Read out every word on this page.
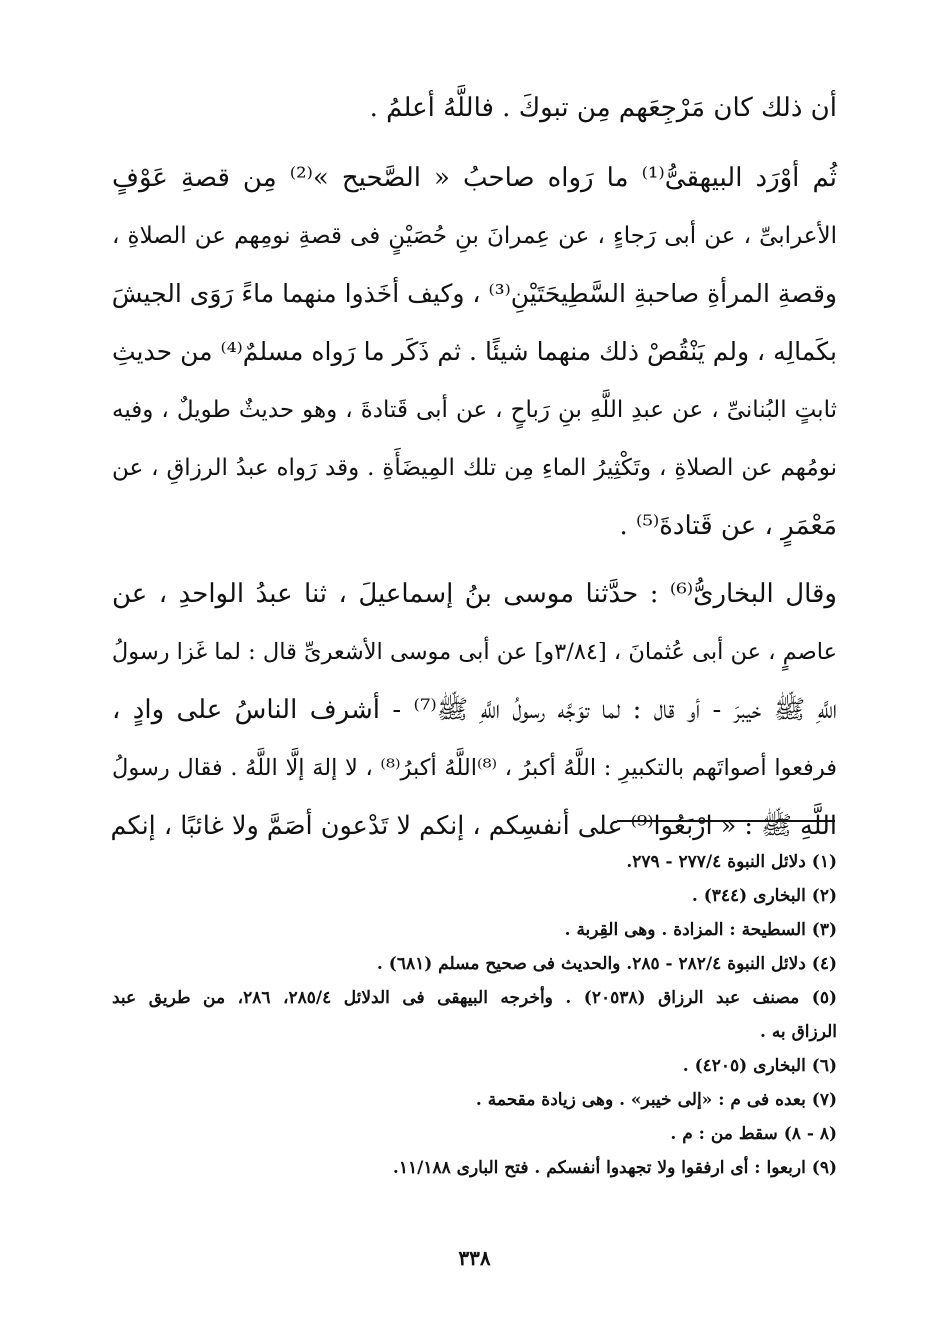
أن ذلك كان مَرْجِعَهم مِن تبوكَ . فاللَّهُ أعلمُ .
ثُم أوْرَد البيهقىُّ⁽¹⁾ ما رَواه صاحبُ « الصَّحيح »⁽²⁾ مِن قصةِ عَوْفٍ
الأعرابىِّ ، عن أبى رَجاءٍ ، عن عِمرانَ بنِ حُصَيْنٍ فى قصةِ نومِهم عن الصلاةِ ،
وقصةِ المرأةِ صاحبةِ السَّطِيحَتَيْنِ⁽³⁾ ، وكيف أخَذوا منهما ماءً رَوَى الجيشَ
بكَمالِه ، ولم يَنْقُصْ ذلك منهما شيئًا . ثم ذَكَر ما رَواه مسلمٌ⁽⁴⁾ من حديثِ
ثابتٍ البُنانىِّ ، عن عبدِ اللَّهِ بنِ رَباحٍ ، عن أبى قَتادةَ ، وهو حديثٌ طويلٌ ، وفيه
نومُهم عن الصلاةِ ، وتَكْثِيرُ الماءِ مِن تلك المِيضَأَةِ . وقد رَواه عبدُ الرزاقِ ، عن
مَعْمَرٍ ، عن قَتادةَ⁽⁵⁾ .
وقال البخارىُّ⁽⁶⁾ : حدَّثنا موسى بنُ إسماعيلَ ، ثنا عبدُ الواحدِ ، عن
عاصمٍ ، عن أبى عُثمانَ ، [٣/٨٤و] عن أبى موسى الأشعرىِّ قال : لما غَزا رسولُ
اللَّهِ ﷺ خيبرَ - أو قال : لما توَجَّه رسولُ اللَّهِ ﷺ⁽⁷⁾ - أشرف الناسُ على وادٍ ،
فرفعوا أصواتَهم بالتكبيرِ : اللَّهُ أكبرُ ، ⁽⁸⁾اللَّهُ أكبرُ⁽⁸⁾ ، لا إلهَ إلَّا اللَّهُ . فقال رسولُ
اللَّهِ ﷺ : « ارْبَعُوا⁽⁹⁾ على أنفسِكم ، إنكم لا تَدْعون أصَمَّ ولا غائبًا ، إنكم
(١) دلائل النبوة ٢٧٧/٤ - ٢٧٩.
(٢) البخارى (٣٤٤) .
(٣) السطيحة : المزادة . وهى القِربة .
(٤) دلائل النبوة ٢٨٢/٤ - ٢٨٥. والحديث فى صحيح مسلم (٦٨١) .
(٥) مصنف عبد الرزاق (٢٠٥٣٨) . وأخرجه البيهقى فى الدلائل ٢٨٥/٤، ٢٨٦، من طريق عبد
الرزاق به .
(٦) البخارى (٤٢٠٥) .
(٧) بعده فى م : «إلى خيبر» . وهى زيادة مقحمة .
(٨ - ٨) سقط من : م .
(٩) اربعوا : أى ارفقوا ولا تجهدوا أنفسكم . فتح البارى ١١/١٨٨.
٣٣٨
